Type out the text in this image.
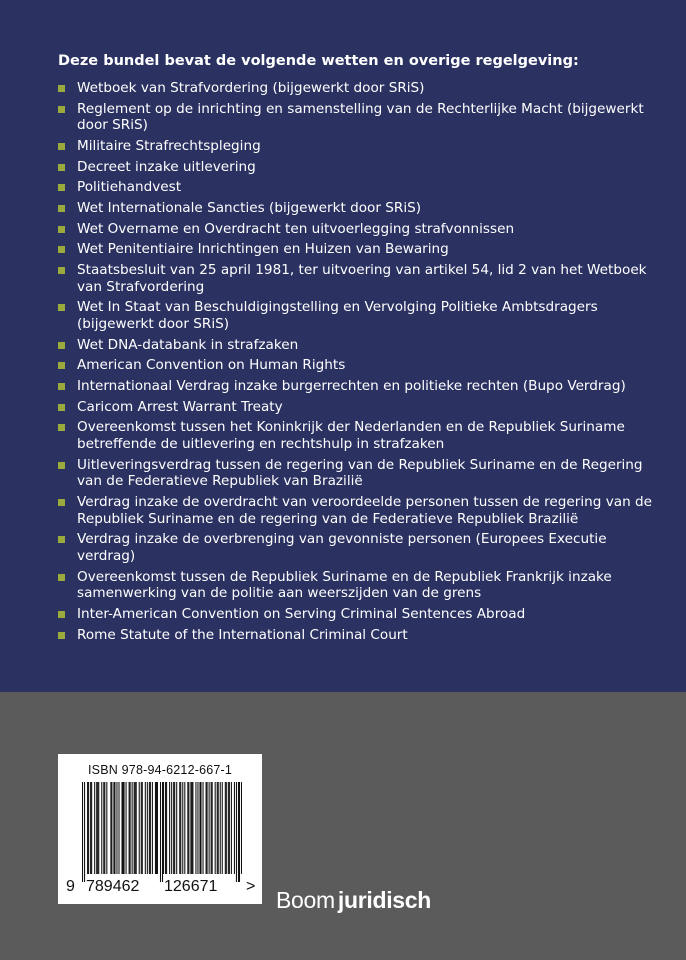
Deze bundel bevat de volgende wetten en overige regelgeving:
Wetboek van Strafvordering (bijgewerkt door SRiS)
Reglement op de inrichting en samenstelling van de Rechterlijke Macht (bijgewerkt door SRiS)
Militaire Strafrechtspleging
Decreet inzake uitlevering
Politiehandvest
Wet Internationale Sancties (bijgewerkt door SRiS)
Wet Overname en Overdracht ten uitvoerlegging strafvonnissen
Wet Penitentiaire Inrichtingen en Huizen van Bewaring
Staatsbesluit van 25 april 1981, ter uitvoering van artikel 54, lid 2 van het Wetboek van Strafvordering
Wet In Staat van Beschuldigingstelling en Vervolging Politieke Ambtsdragers (bijgewerkt door SRiS)
Wet DNA-databank in strafzaken
American Convention on Human Rights
Internationaal Verdrag inzake burgerrechten en politieke rechten (Bupo Verdrag)
Caricom Arrest Warrant Treaty
Overeenkomst tussen het Koninkrijk der Nederlanden en de Republiek Suriname betreffende de uitlevering en rechtshulp in strafzaken
Uitleveringsverdrag tussen de regering van de Republiek Suriname en de Regering van de Federatieve Republiek van Brazilië
Verdrag inzake de overdracht van veroordeelde personen tussen de regering van de Republiek Suriname en de regering van de Federatieve Republiek Brazilië
Verdrag inzake de overbrenging van gevonniste personen (Europees Executie verdrag)
Overeenkomst tussen de Republiek Suriname en de Republiek Frankrijk inzake samenwerking van de politie aan weerszijden van de grens
Inter-American Convention on Serving Criminal Sentences Abroad
Rome Statute of the International Criminal Court
ISBN 978-94-6212-667-1
9 789462 126671 >
Boom juridisch
